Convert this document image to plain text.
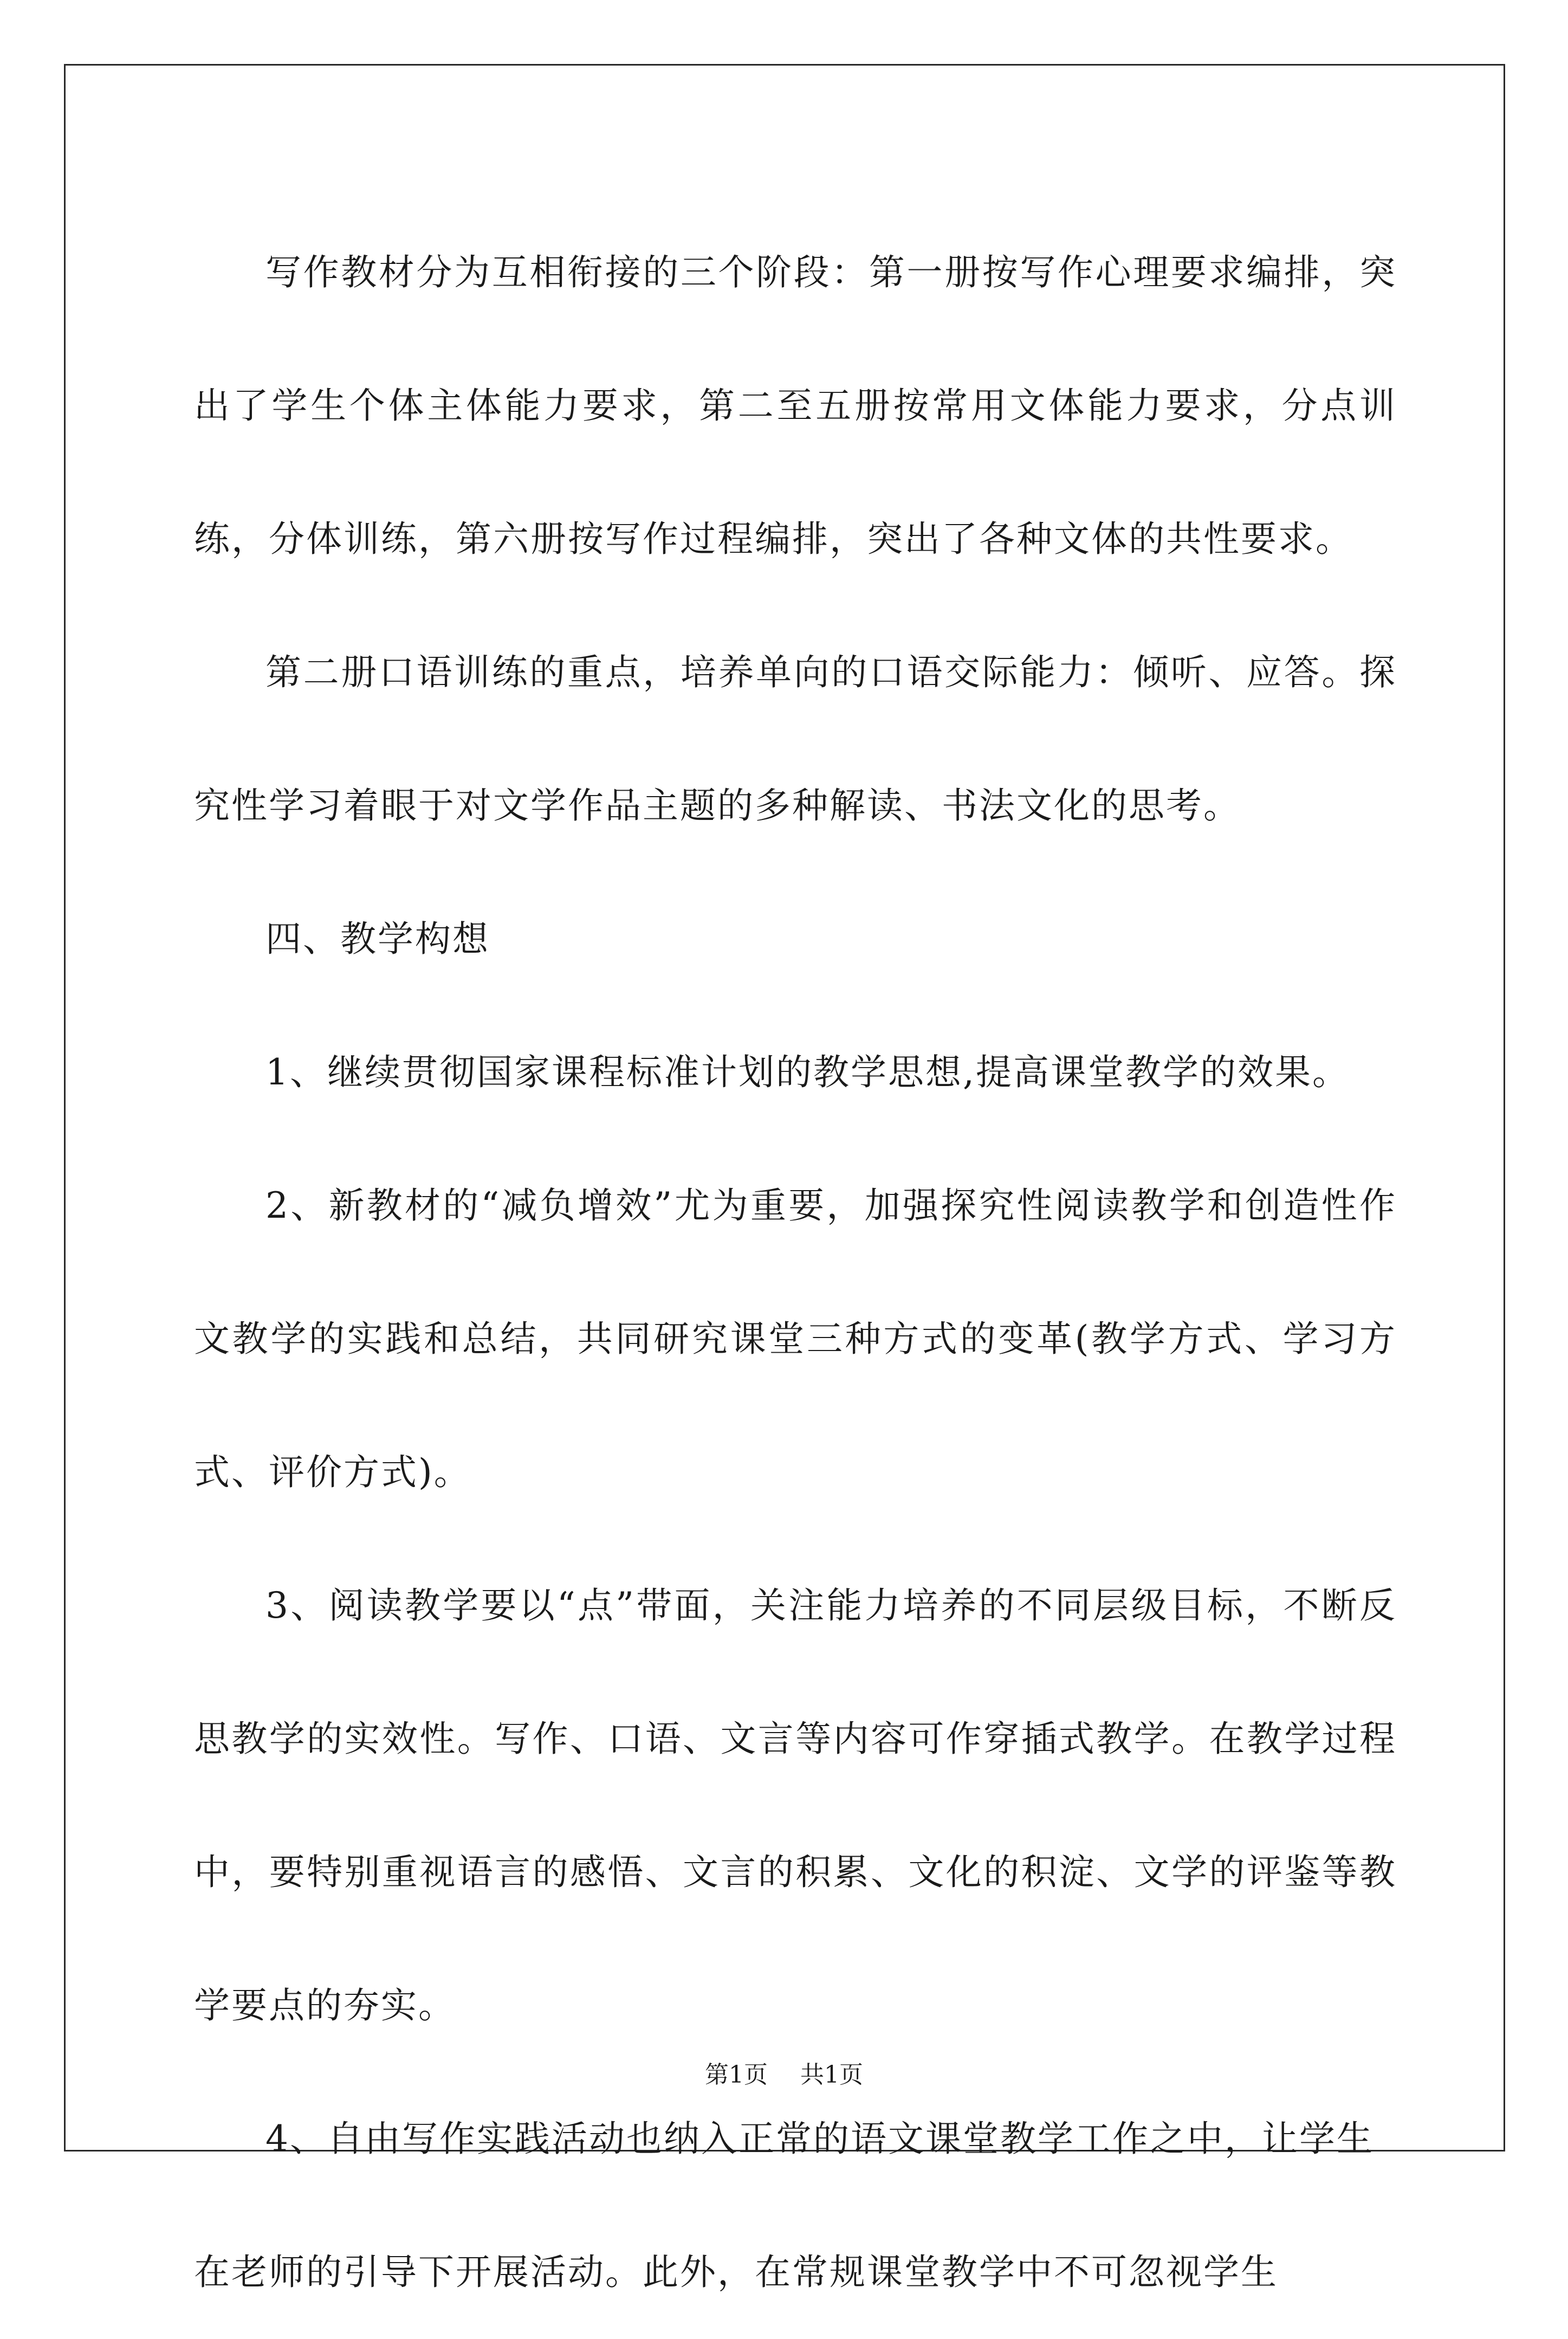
写作教材分为互相衔接的三个阶段：第一册按写作心理要求编排，突出了学生个体主体能力要求，第二至五册按常用文体能力要求，分点训练，分体训练，第六册按写作过程编排，突出了各种文体的共性要求。

第二册口语训练的重点，培养单向的口语交际能力：倾听、应答。探究性学习着眼于对文学作品主题的多种解读、书法文化的思考。

四、教学构想

1、继续贯彻国家课程标准计划的教学思想,提高课堂教学的效果。

2、新教材的“减负增效”尤为重要，加强探究性阅读教学和创造性作文教学的实践和总结，共同研究课堂三种方式的变革(教学方式、学习方式、评价方式)。

3、阅读教学要以“点”带面，关注能力培养的不同层级目标，不断反思教学的实效性。写作、口语、文言等内容可作穿插式教学。在教学过程中，要特别重视语言的感悟、文言的积累、文化的积淀、文学的评鉴等教学要点的夯实。

4、自由写作实践活动也纳入正常的语文课堂教学工作之中，让学生在老师的引导下开展活动。此外，在常规课堂教学中不可忽视学生

第1页 共1页
